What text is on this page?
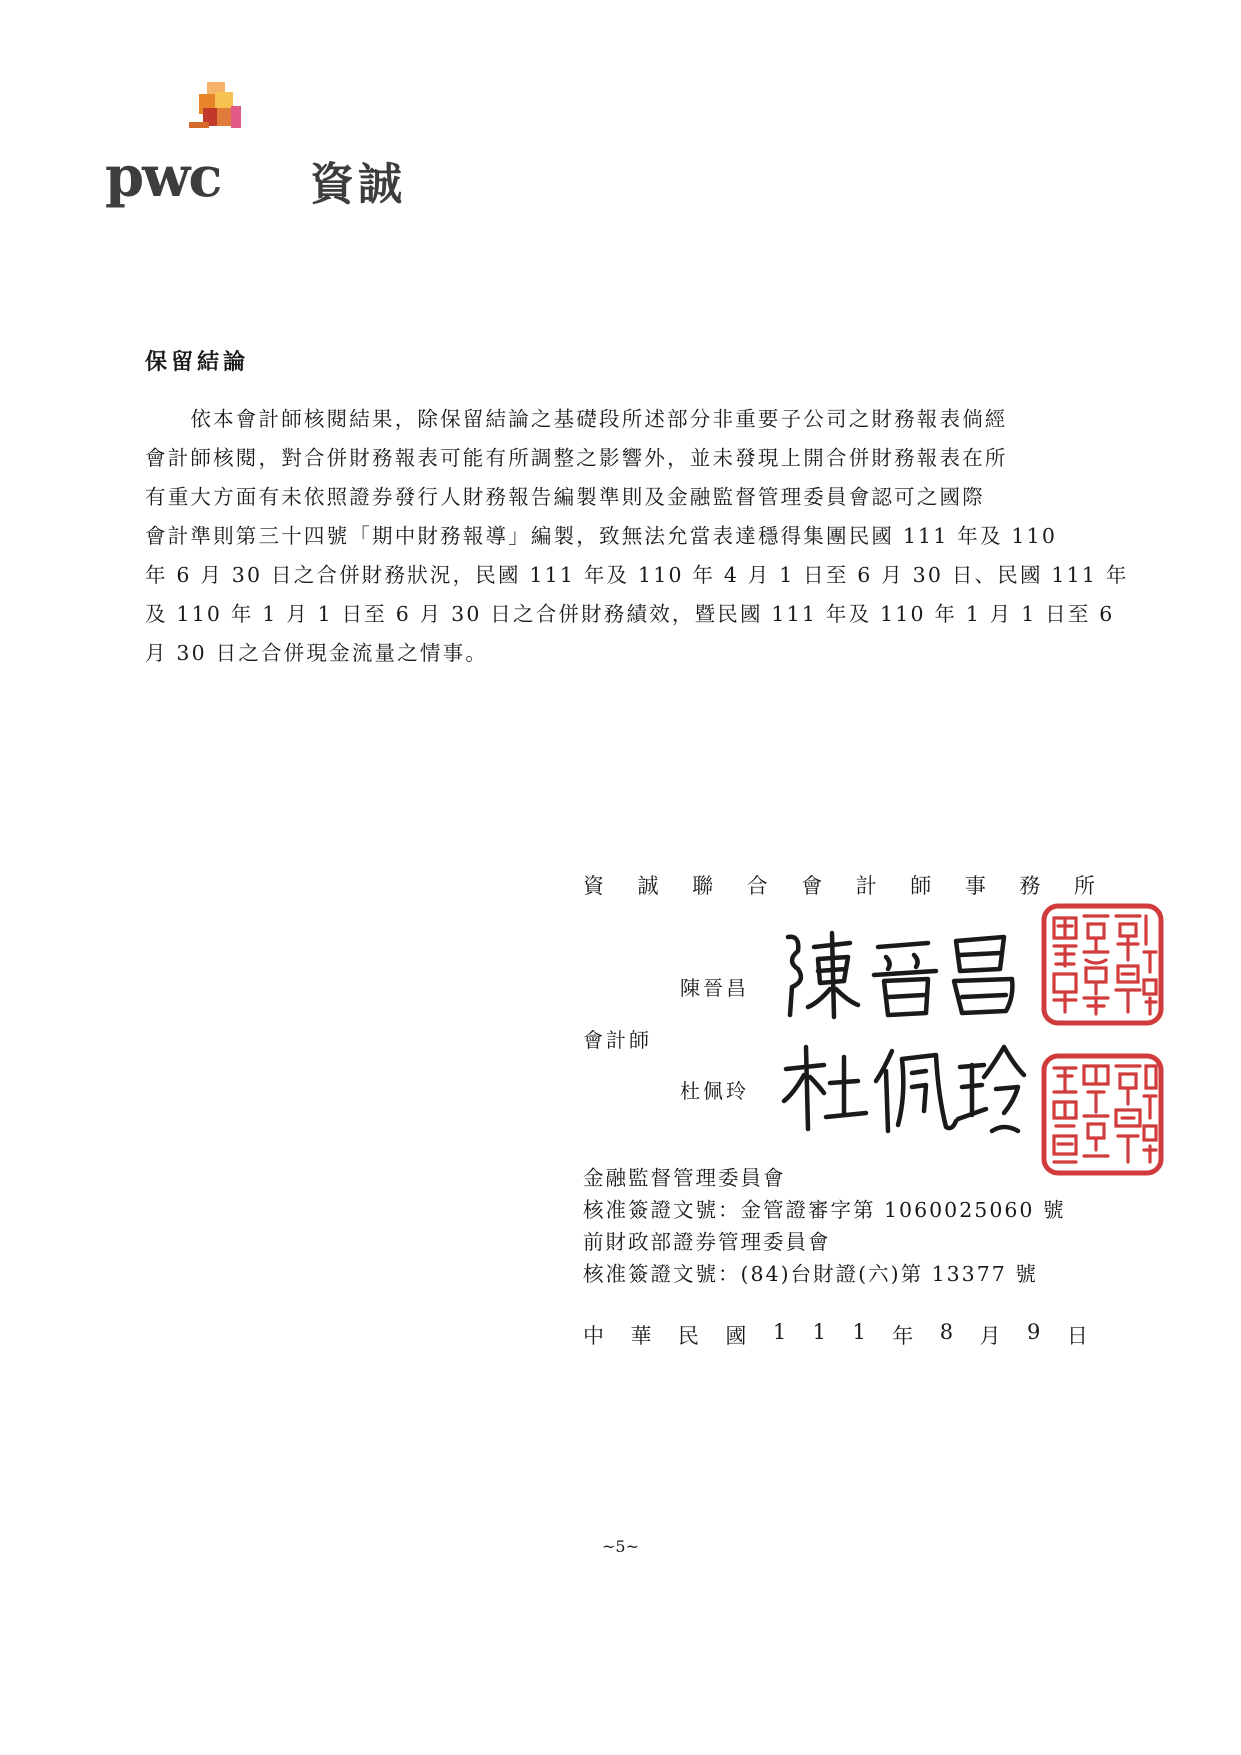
pwc 資誠
保留結論
　　依本會計師核閱結果，除保留結論之基礎段所述部分非重要子公司之財務報表倘經
會計師核閱，對合併財務報表可能有所調整之影響外，並未發現上開合併財務報表在所
有重大方面有未依照證券發行人財務報告編製準則及金融監督管理委員會認可之國際
會計準則第三十四號「期中財務報導」編製，致無法允當表達穩得集團民國 111 年及 110
年 6 月 30 日之合併財務狀況，民國 111 年及 110 年 4 月 1 日至 6 月 30 日、民國 111 年
及 110 年 1 月 1 日至 6 月 30 日之合併財務績效，暨民國 111 年及 110 年 1 月 1 日至 6
月 30 日之合併現金流量之情事。
資 誠 聯 合 會 計 師 事 務 所
陳晉昌
會計師
杜佩玲
金融監督管理委員會
核准簽證文號：金管證審字第 1060025060 號
前財政部證券管理委員會
核准簽證文號：(84)台財證(六)第 13377 號
中 華 民 國 1 1 1 年 8 月 9 日
~5~
